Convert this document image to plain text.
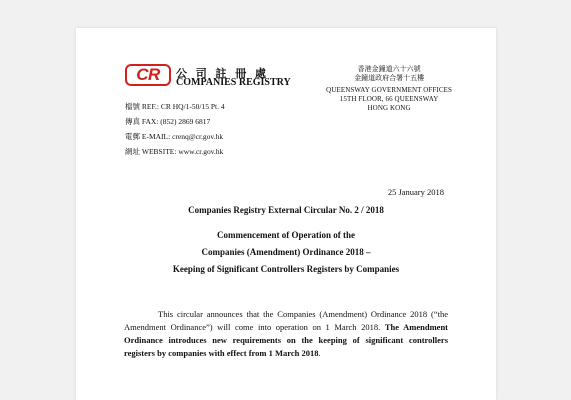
CR	公 司 註 冊 處
COMPANIES REGISTRY
香港金鐘道六十六號
金鐘道政府合署十五樓
QUEENSWAY GOVERNMENT OFFICES
15TH FLOOR, 66 QUEENSWAY
HONG KONG
檔號 REF.: CR HQ/1-50/15 Pt. 4
傳真 FAX: (852) 2869 6817
電郵 E-MAIL: crenq@cr.gov.hk
網址 WEBSITE: www.cr.gov.hk
25 January 2018
Companies Registry External Circular No. 2 / 2018
Commencement of Operation of the
Companies (Amendment) Ordinance 2018 –
Keeping of Significant Controllers Registers by Companies
This circular announces that the Companies (Amendment) Ordinance 2018 (“the Amendment Ordinance”) will come into operation on 1 March 2018. The Amendment Ordinance introduces new requirements on the keeping of significant controllers registers by companies with effect from 1 March 2018.
